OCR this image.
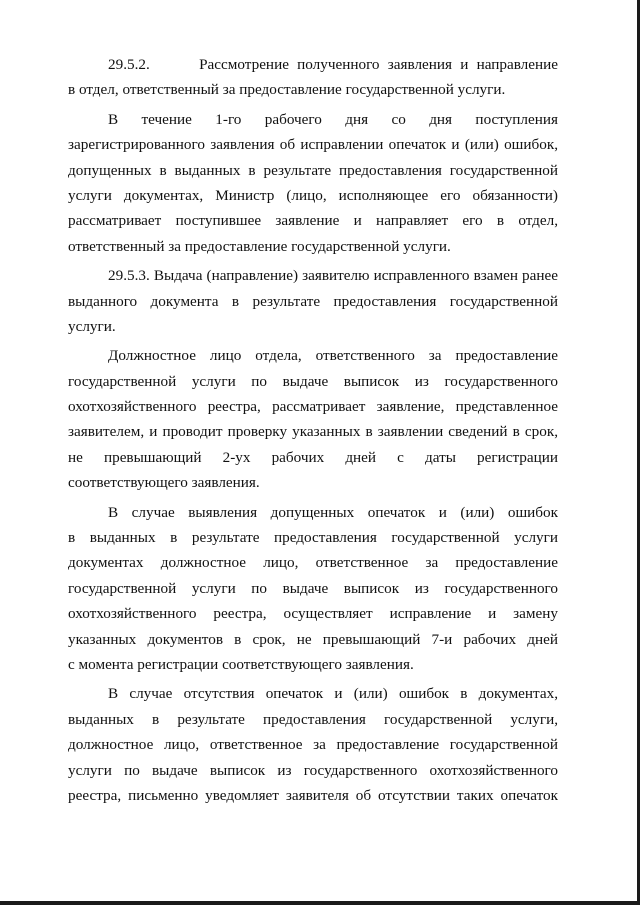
29.5.2.      Рассмотрение полученного заявления и направление
в отдел, ответственный за предоставление государственной услуги.
В течение 1-го рабочего дня со дня поступления
зарегистрированного заявления об исправлении опечаток и (или) ошибок,
допущенных в выданных в результате предоставления государственной
услуги документах, Министр (лицо, исполняющее его обязанности)
рассматривает поступившее заявление и направляет его в отдел,
ответственный за предоставление государственной услуги.
29.5.3. Выдача (направление) заявителю исправленного взамен ранее
выданного документа в результате предоставления государственной
услуги.
Должностное лицо отдела, ответственного за предоставление
государственной услуги по выдаче выписок из государственного
охотхозяйственного реестра, рассматривает заявление, представленное
заявителем, и проводит проверку указанных в заявлении сведений в срок,
не превышающий 2-ух рабочих дней с даты регистрации
соответствующего заявления.
В случае выявления допущенных опечаток и (или) ошибок
в выданных в результате предоставления государственной услуги
документах должностное лицо, ответственное за предоставление
государственной услуги по выдаче выписок из государственного
охотхозяйственного реестра, осуществляет исправление и замену
указанных документов в срок, не превышающий 7-и рабочих дней
с момента регистрации соответствующего заявления.
В случае отсутствия опечаток и (или) ошибок в документах,
выданных в результате предоставления государственной услуги,
должностное лицо, ответственное за предоставление государственной
услуги по выдаче выписок из государственного охотхозяйственного
реестра, письменно уведомляет заявителя об отсутствии таких опечаток
